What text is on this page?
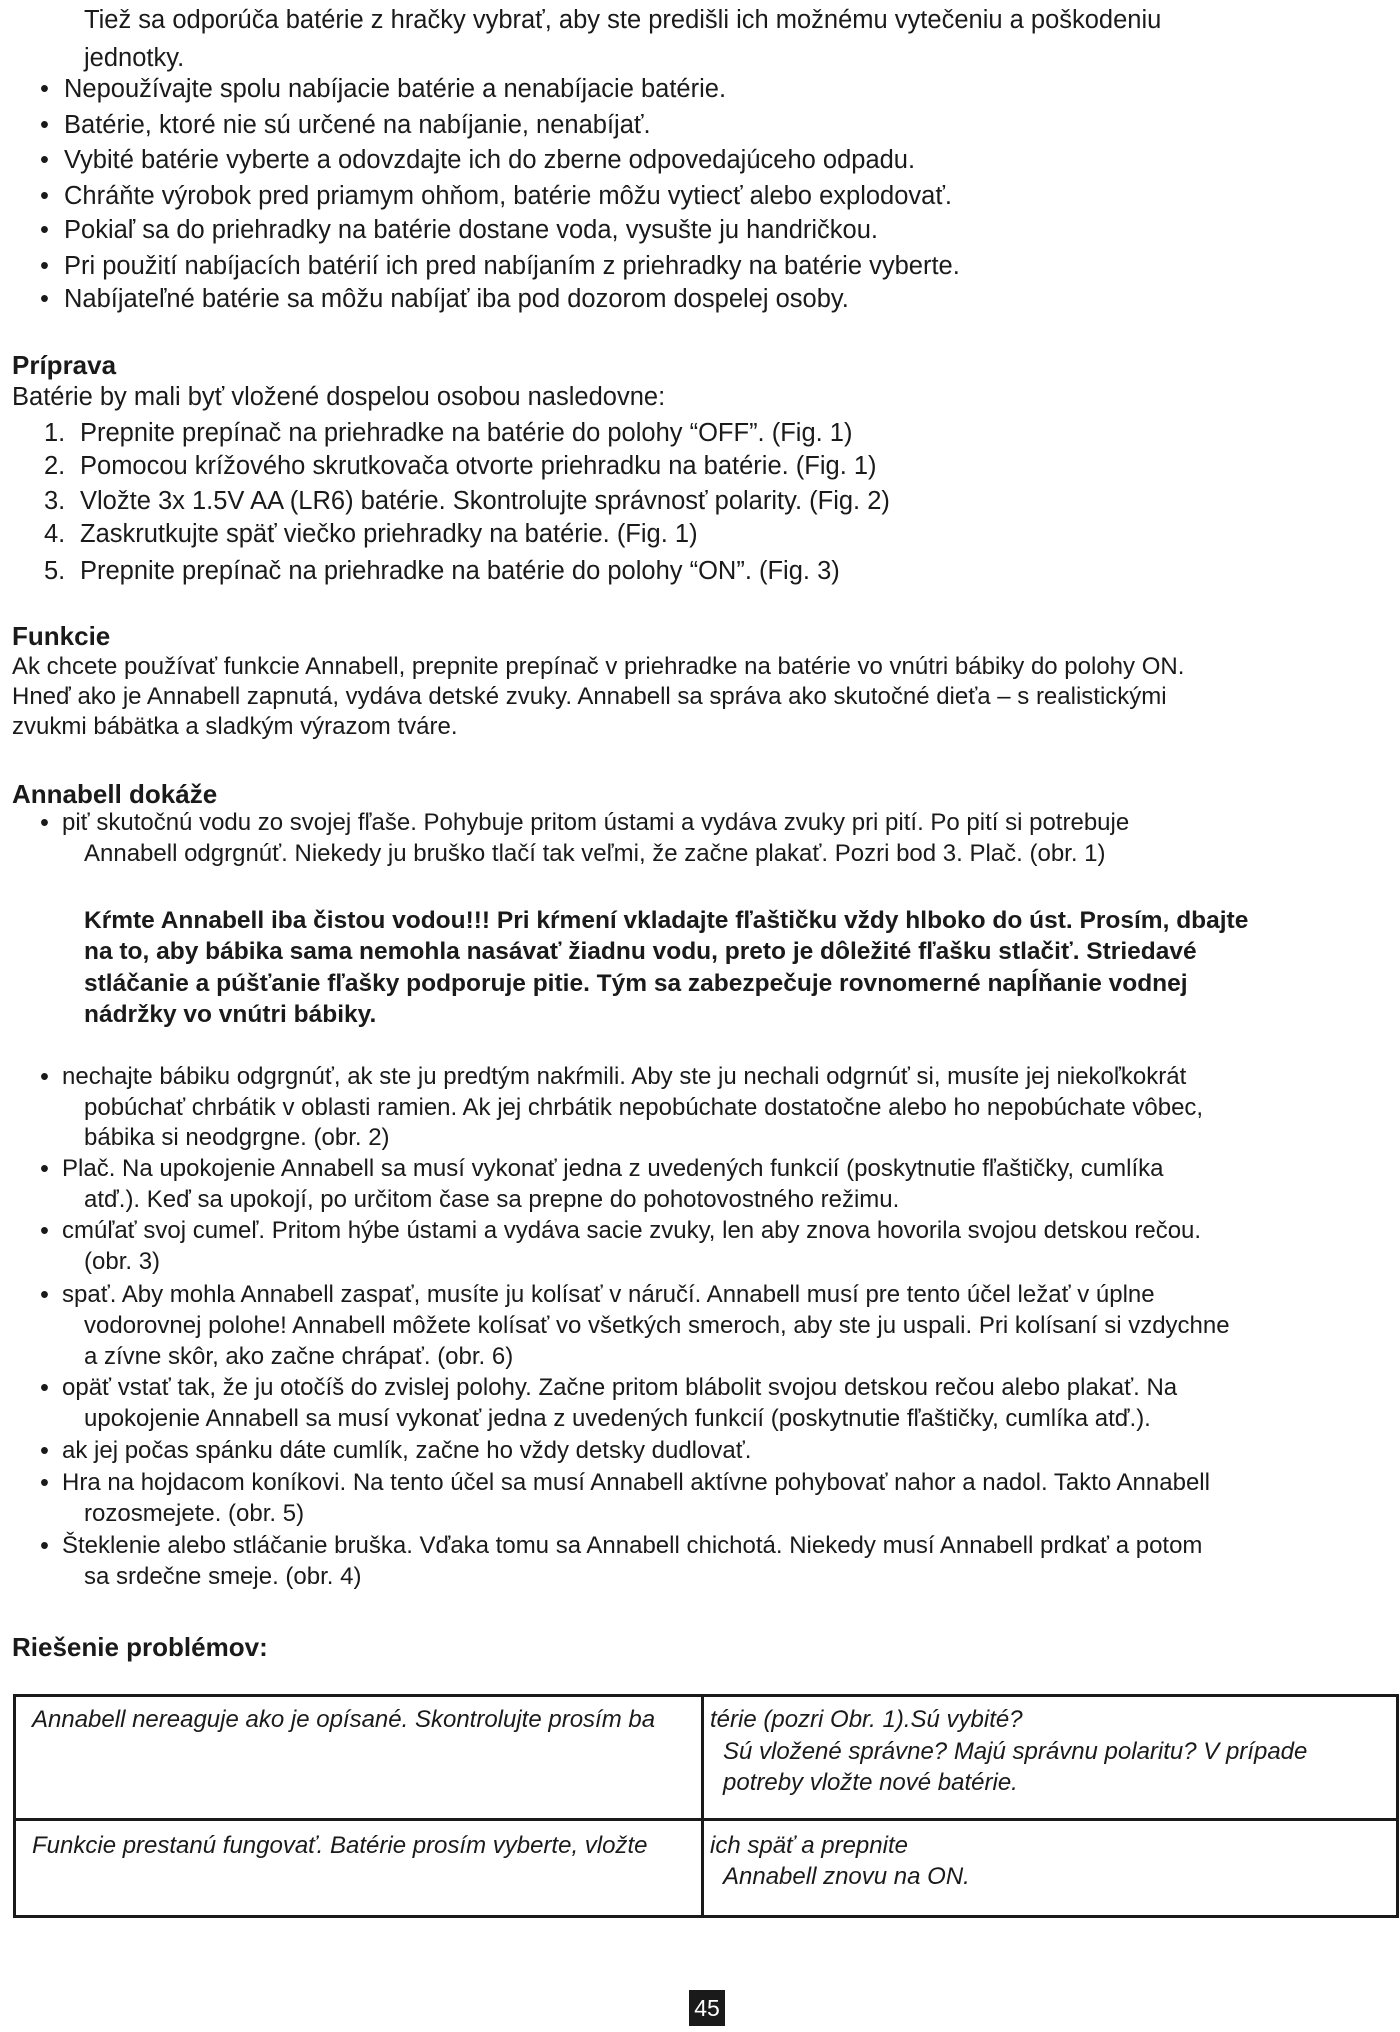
Tiež sa odporúča batérie z hračky vybrať, aby ste predišli ich možnému vytečeniu a poškodeniu
jednotky.
• Nepoužívajte spolu nabíjacie batérie a nenabíjacie batérie.
• Batérie, ktoré nie sú určené na nabíjanie, nenabíjať.
• Vybité batérie vyberte a odovzdajte ich do zberne odpovedajúceho odpadu.
• Chráňte výrobok pred priamym ohňom, batérie môžu vytiecť alebo explodovať.
• Pokiaľ sa do priehradky na batérie dostane voda, vysušte ju handričkou.
• Pri použití nabíjacích batérií ich pred nabíjaním z priehradky na batérie vyberte.
• Nabíjateľné batérie sa môžu nabíjať iba pod dozorom dospelej osoby.
Príprava
Batérie by mali byť vložené dospelou osobou nasledovne:
1. Prepnite prepínač na priehradke na batérie do polohy “OFF”. (Fig. 1)
2. Pomocou krížového skrutkovača otvorte priehradku na batérie. (Fig. 1)
3. Vložte 3x 1.5V AA (LR6) batérie. Skontrolujte správnosť polarity. (Fig. 2)
4. Zaskrutkujte späť viečko priehradky na batérie. (Fig. 1)
5. Prepnite prepínač na priehradke na batérie do polohy “ON”. (Fig. 3)
Funkcie
Ak chcete používať funkcie Annabell, prepnite prepínač v priehradke na batérie vo vnútri bábiky do polohy ON.
Hneď ako je Annabell zapnutá, vydáva detské zvuky. Annabell sa správa ako skutočné dieťa – s realistickými
zvukmi bábätka a sladkým výrazom tváre.
Annabell dokáže
• piť skutočnú vodu zo svojej fľaše. Pohybuje pritom ústami a vydáva zvuky pri pití. Po pití si potrebuje
Annabell odgrgnúť. Niekedy ju bruško tlačí tak veľmi, že začne plakať. Pozri bod 3. Plač. (obr. 1)
Kŕmte Annabell iba čistou vodou!!! Pri kŕmení vkladajte fľaštičku vždy hlboko do úst. Prosím, dbajte
na to, aby bábika sama nemohla nasávať žiadnu vodu, preto je dôležité fľašku stlačiť. Striedavé
stláčanie a púšťanie fľašky podporuje pitie. Tým sa zabezpečuje rovnomerné napĺňanie vodnej
nádržky vo vnútri bábiky.
• nechajte bábiku odgrgnúť, ak ste ju predtým nakŕmili. Aby ste ju nechali odgrnúť si, musíte jej niekoľkokrát
pobúchať chrbátik v oblasti ramien. Ak jej chrbátik nepobúchate dostatočne alebo ho nepobúchate vôbec,
bábika si neodgrgne. (obr. 2)
• Plač. Na upokojenie Annabell sa musí vykonať jedna z uvedených funkcií (poskytnutie fľaštičky, cumlíka
atď.). Keď sa upokojí, po určitom čase sa prepne do pohotovostného režimu.
• cmúľať svoj cumeľ. Pritom hýbe ústami a vydáva sacie zvuky, len aby znova hovorila svojou detskou rečou.
(obr. 3)
• spať. Aby mohla Annabell zaspať, musíte ju kolísať v náručí. Annabell musí pre tento účel ležať v úplne
vodorovnej polohe! Annabell môžete kolísať vo všetkých smeroch, aby ste ju uspali. Pri kolísaní si vzdychne
a zívne skôr, ako začne chrápať. (obr. 6)
• opäť vstať tak, že ju otočíš do zvislej polohy. Začne pritom blábolit svojou detskou rečou alebo plakať. Na
upokojenie Annabell sa musí vykonať jedna z uvedených funkcií (poskytnutie fľaštičky, cumlíka atď.).
• ak jej počas spánku dáte cumlík, začne ho vždy detsky dudlovať.
• Hra na hojdacom koníkovi. Na tento účel sa musí Annabell aktívne pohybovať nahor a nadol. Takto Annabell
rozosmejete. (obr. 5)
• Šteklenie alebo stláčanie bruška. Vďaka tomu sa Annabell chichotá. Niekedy musí Annabell prdkať a potom
sa srdečne smeje. (obr. 4)
Riešenie problémov:
Annabell nereaguje ako je opísané. Skontrolujte prosím ba térie (pozri Obr. 1).Sú vybité?
Sú vložené správne? Majú správnu polaritu? V prípade
potreby vložte nové batérie.
Funkcie prestanú fungovať. Batérie prosím vyberte, vložte	ich späť a prepnite
Annabell znovu na ON.
45
